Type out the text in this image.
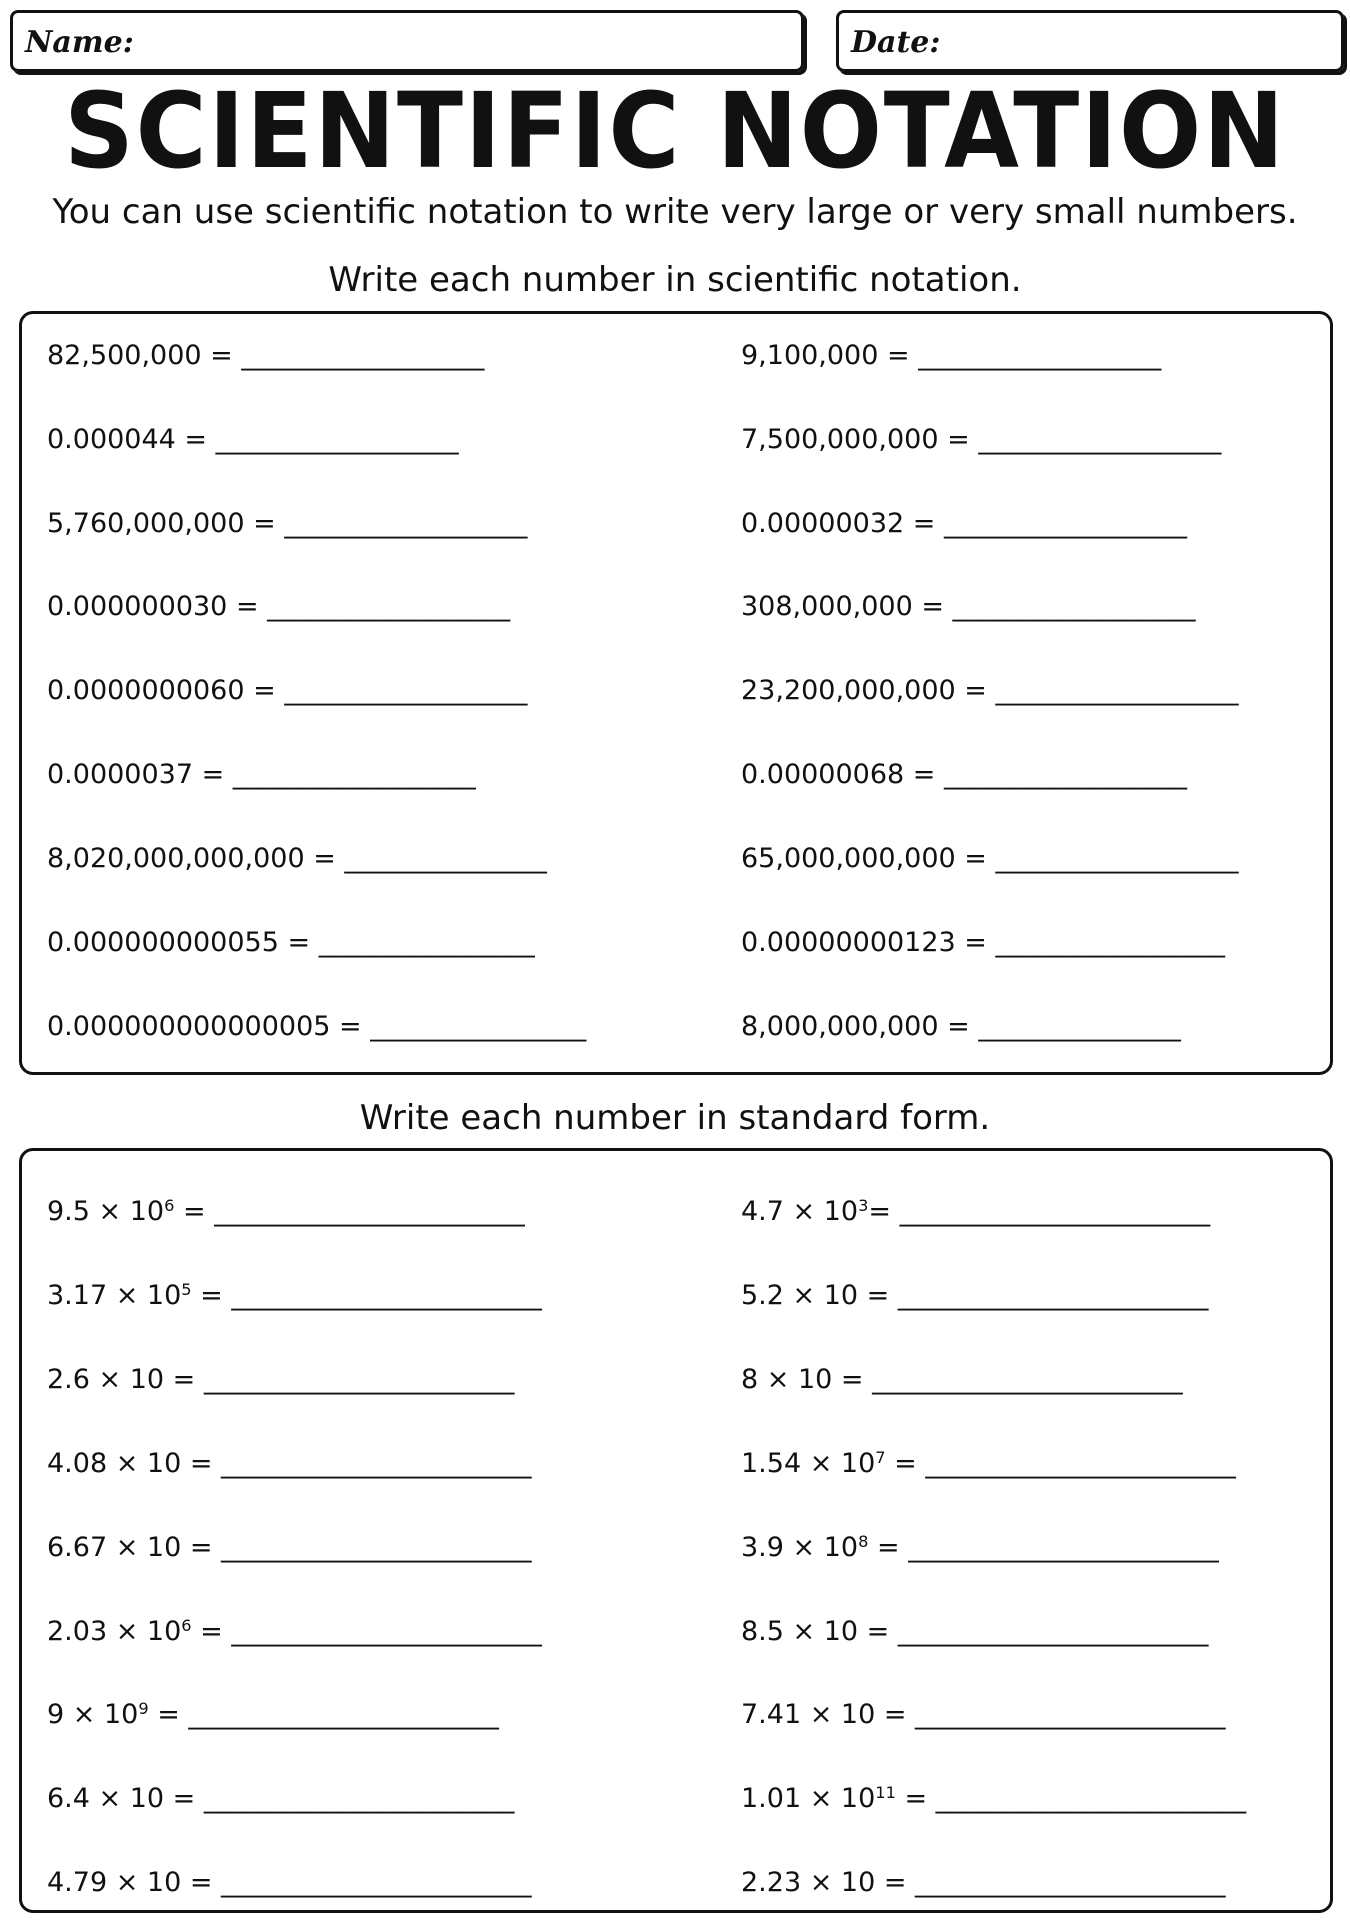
Name:	Date:
SCIENTIFIC NOTATION
You can use scientific notation to write very large or very small numbers.
Write each number in scientific notation.
82,500,000 = __________________
0.000044 = __________________
5,760,000,000 = __________________
0.000000030 = __________________
0.0000000060 = __________________
0.0000037 = __________________
8,020,000,000,000 = _______________
0.000000000055 = ________________
0.000000000000005 = ________________
9,100,000 = __________________
7,500,000,000 = __________________
0.00000032 = __________________
308,000,000 = __________________
23,200,000,000 = __________________
0.00000068 = __________________
65,000,000,000 = __________________
0.00000000123 = _________________
8,000,000,000 = _______________
Write each number in standard form.
$9.5 \times 10^6$ = _______________________
$3.17 \times 10^5$ = _______________________
2.6 × 10 = _______________________
4.08 × 10 = _______________________
6.67 × 10 = _______________________
$2.03 \times 10^6$ = _______________________
$9 \times 10^9$ = _______________________
6.4 × 10 = _______________________
4.79 × 10 = _______________________
$4.7 \times 10^3=$ _______________________
5.2 × 10 = _______________________
8 × 10 = _______________________
$1.54 \times 10^7$ = _______________________
$3.9 \times 10^8$ = _______________________
8.5 × 10 = _______________________
7.41 × 10 = _______________________
$1.01 \times 10^{11}$ = _______________________
2.23 × 10 = _______________________
